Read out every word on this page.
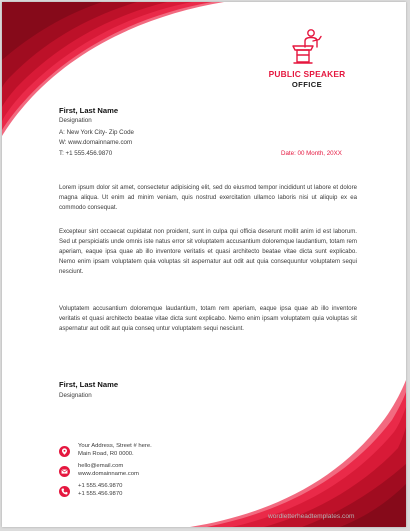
PUBLIC SPEAKER
OFFICE
First, Last Name
Designation
A: New York City- Zip Code
W: www.domainname.com
T: +1 555.456.9870	Date: 00 Month, 20XX

Lorem ipsum dolor sit amet, consectetur adipisicing elit, sed do eiusmod tempor incididunt ut labore et dolore magna aliqua. Ut enim ad minim veniam, quis nostrud exercitation ullamco laboris nisi ut aliquip ex ea commodo consequat.

Excepteur sint occaecat cupidatat non proident, sunt in culpa qui officia deserunt mollit anim id est laborum. Sed ut perspiciatis unde omnis iste natus error sit voluptatem accusantium doloremque laudantium, totam rem aperiam, eaque ipsa quae ab illo inventore veritatis et quasi architecto beatae vitae dicta sunt explicabo. Nemo enim ipsam voluptatem quia voluptas sit aspernatur aut odit aut quia consequuntur voluptatem sequi nesciunt.

Voluptatem accusantium doloremque laudantium, totam rem aperiam, eaque ipsa quae ab illo inventore veritatis et quasi architecto beatae vitae dicta sunt explicabo. Nemo enim ipsam voluptatem quia voluptas sit aspernatur aut odit aut quia conseq untur voluptatem sequi nesciunt.

First, Last Name
Designation
Your Address, Street # here.
Main Road, R0 0000.
hello@email.com
www.domainname.com
+1 555.456.9870
+1 555.456.9870
wordletterheadtemplates.com
